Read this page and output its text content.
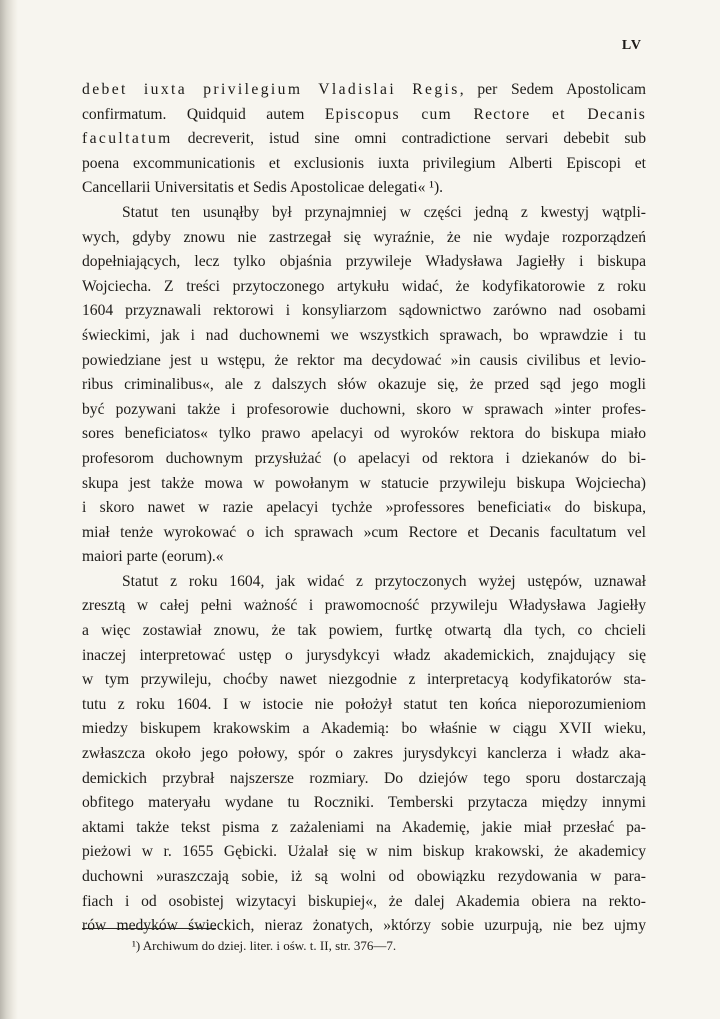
LV
debet iuxta privilegium Vladislai Regis, per Sedem Apostolicam
confirmatum. Quidquid autem Episcopus cum Rectore et Decanis
facultatum decreverit, istud sine omni contradictione servari debebit sub
poena excommunicationis et exclusionis iuxta privilegium Alberti Episcopi et
Cancellarii Universitatis et Sedis Apostolicae delegati« ¹).
Statut ten usunąłby był przynajmniej w części jedną z kwestyj wątpli-
wych, gdyby znowu nie zastrzegał się wyraźnie, że nie wydaje rozporządzeń
dopełniających, lecz tylko objaśnia przywileje Władysława Jagiełły i biskupa
Wojciecha. Z treści przytoczonego artykułu widać, że kodyfikatorowie z roku
1604 przyznawali rektorowi i konsyliarzom sądownictwo zarówno nad osobami
świeckimi, jak i nad duchownemi we wszystkich sprawach, bo wprawdzie i tu
powiedziane jest u wstępu, że rektor ma decydować »in causis civilibus et levio-
ribus criminalibus«, ale z dalszych słów okazuje się, że przed sąd jego mogli
być pozywani także i profesorowie duchowni, skoro w sprawach »inter profes-
sores beneficiatos« tylko prawo apelacyi od wyroków rektora do biskupa miało
profesorom duchownym przysłużać (o apelacyi od rektora i dziekanów do bi-
skupa jest także mowa w powołanym w statucie przywileju biskupa Wojciecha)
i skoro nawet w razie apelacyi tychże »professores beneficiati« do biskupa,
miał tenże wyrokować o ich sprawach »cum Rectore et Decanis facultatum vel
maiori parte (eorum).«
Statut z roku 1604, jak widać z przytoczonych wyżej ustępów, uznawał
zresztą w całej pełni ważność i prawomocność przywileju Władysława Jagiełły
a więc zostawiał znowu, że tak powiem, furtkę otwartą dla tych, co chcieli
inaczej interpretować ustęp o jurysdykcyi władz akademickich, znajdujący się
w tym przywileju, choćby nawet niezgodnie z interpretacyą kodyfikatorów sta-
tutu z roku 1604. I w istocie nie położył statut ten końca nieporozumieniom
miedzy biskupem krakowskim a Akademią: bo właśnie w ciągu XVII wieku,
zwłaszcza około jego połowy, spór o zakres jurysdykcyi kanclerza i władz aka-
demickich przybrał najszersze rozmiary. Do dziejów tego sporu dostarczają
obfitego materyału wydane tu Roczniki. Temberski przytacza między innymi
aktami także tekst pisma z zażaleniami na Akademię, jakie miał przesłać pa-
pieżowi w r. 1655 Gębicki. Użalał się w nim biskup krakowski, że akademicy
duchowni »uraszczają sobie, iż są wolni od obowiązku rezydowania w para-
fiach i od osobistej wizytacyi biskupiej«, że dalej Akademia obiera na rekto-
rów medyków świeckich, nieraz żonatych, »którzy sobie uzurpują, nie bez ujmy
¹) Archiwum do dziej. liter. i ośw. t. II, str. 376—7.
